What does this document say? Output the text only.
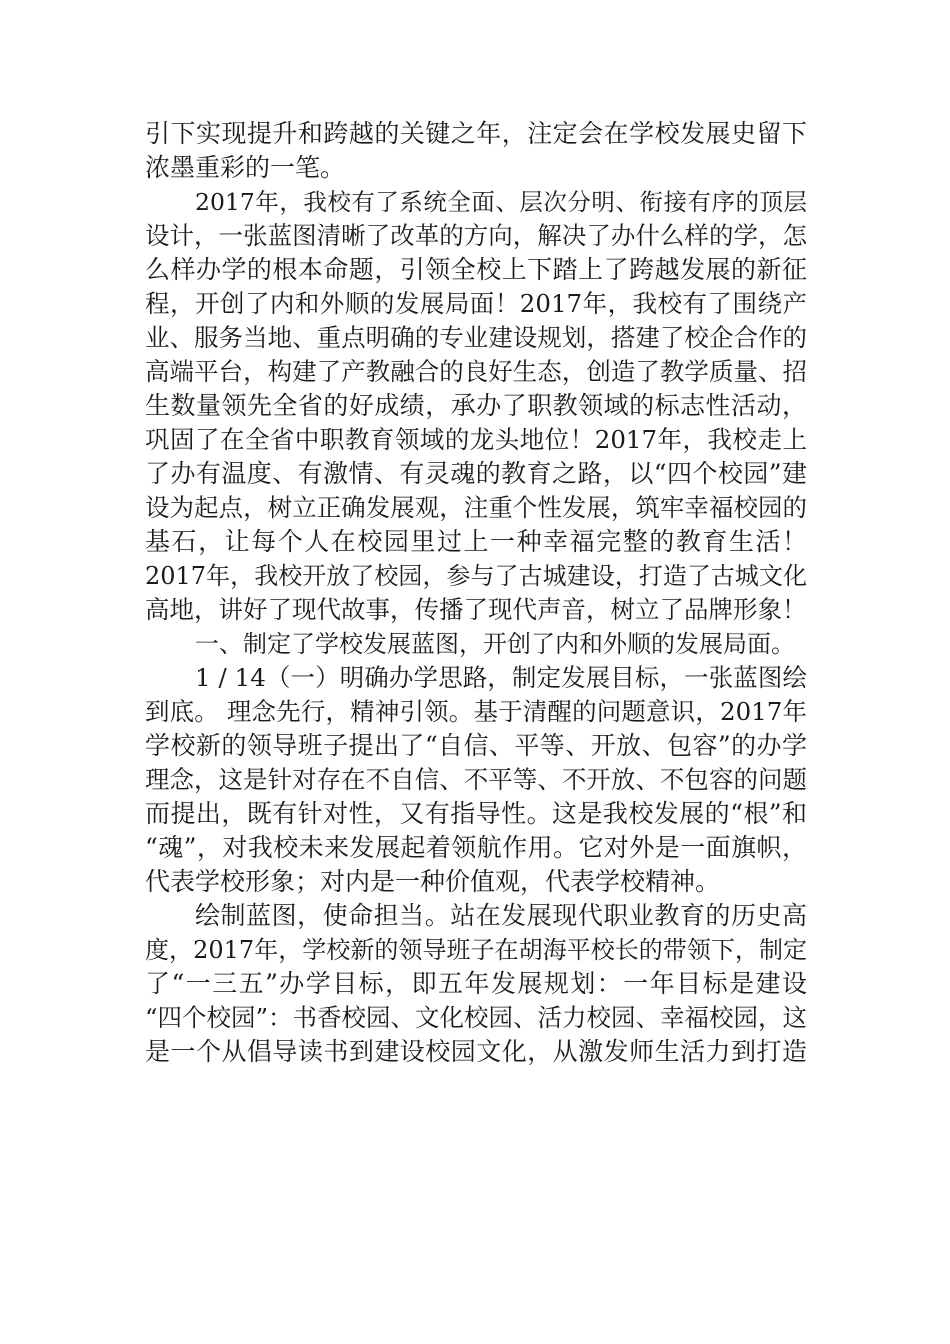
引下实现提升和跨越的关键之年，注定会在学校发展史留下
浓墨重彩的一笔。
2017年，我校有了系统全面、层次分明、衔接有序的顶层
设计，一张蓝图清晰了改革的方向，解决了办什么样的学，怎
么样办学的根本命题，引领全校上下踏上了跨越发展的新征
程，开创了内和外顺的发展局面！2017年，我校有了围绕产
业、服务当地、重点明确的专业建设规划，搭建了校企合作的
高端平台，构建了产教融合的良好生态，创造了教学质量、招
生数量领先全省的好成绩，承办了职教领域的标志性活动，
巩固了在全省中职教育领域的龙头地位！2017年，我校走上
了办有温度、有激情、有灵魂的教育之路，以“四个校园”建
设为起点，树立正确发展观，注重个性发展，筑牢幸福校园的
基石，让每个人在校园里过上一种幸福完整的教育生活！
2017年，我校开放了校园，参与了古城建设，打造了古城文化
高地，讲好了现代故事，传播了现代声音，树立了品牌形象！
一、制定了学校发展蓝图，开创了内和外顺的发展局面。
1 / 14（一）明确办学思路，制定发展目标，一张蓝图绘
到底。 理念先行，精神引领。基于清醒的问题意识，2017年
学校新的领导班子提出了“自信、平等、开放、包容”的办学
理念，这是针对存在不自信、不平等、不开放、不包容的问题
而提出，既有针对性，又有指导性。这是我校发展的“根”和
“魂”，对我校未来发展起着领航作用。它对外是一面旗帜，
代表学校形象；对内是一种价值观，代表学校精神。
绘制蓝图，使命担当。站在发展现代职业教育的历史高
度，2017年，学校新的领导班子在胡海平校长的带领下，制定
了“一三五”办学目标，即五年发展规划：一年目标是建设
“四个校园”：书香校园、文化校园、活力校园、幸福校园，这
是一个从倡导读书到建设校园文化，从激发师生活力到打造
